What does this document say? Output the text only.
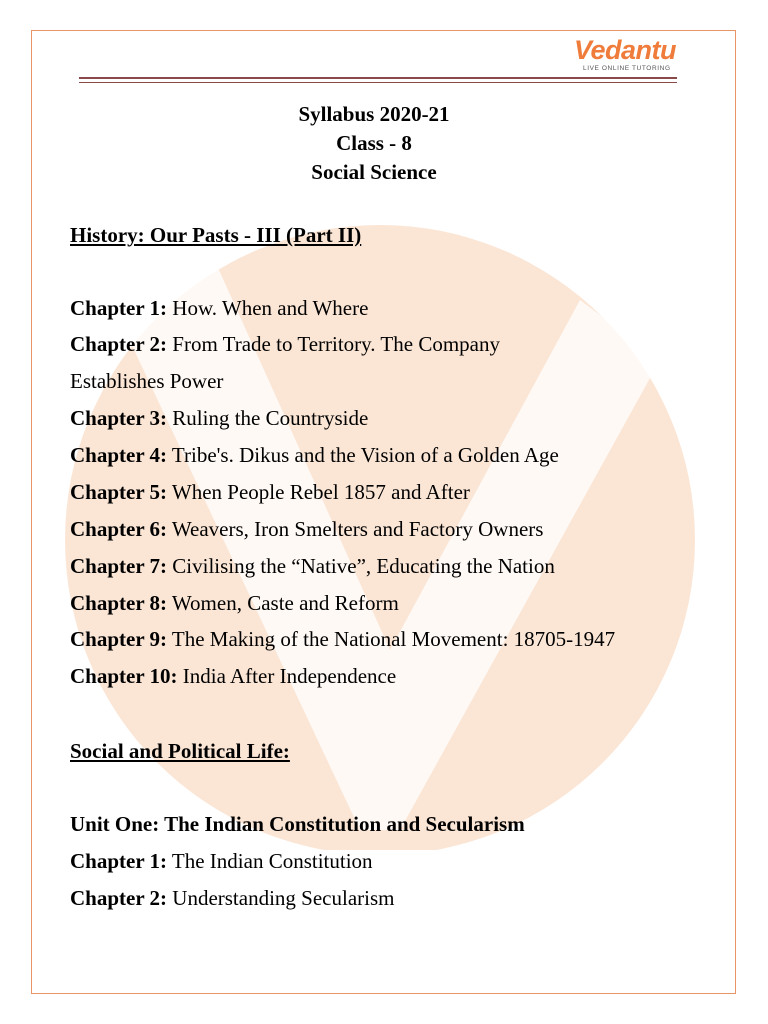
Vedantu
LIVE ONLINE TUTORING
Syllabus 2020-21
Class - 8
Social Science
History: Our Pasts - III (Part II)
Chapter 1: How. When and Where
Chapter 2: From Trade to Territory. The Company
Establishes Power
Chapter 3: Ruling the Countryside
Chapter 4: Tribe's. Dikus and the Vision of a Golden Age
Chapter 5: When People Rebel 1857 and After
Chapter 6: Weavers, Iron Smelters and Factory Owners
Chapter 7: Civilising the “Native”, Educating the Nation
Chapter 8: Women, Caste and Reform
Chapter 9: The Making of the National Movement: 18705-1947
Chapter 10: India After Independence
Social and Political Life:
Unit One: The Indian Constitution and Secularism
Chapter 1: The Indian Constitution
Chapter 2: Understanding Secularism
